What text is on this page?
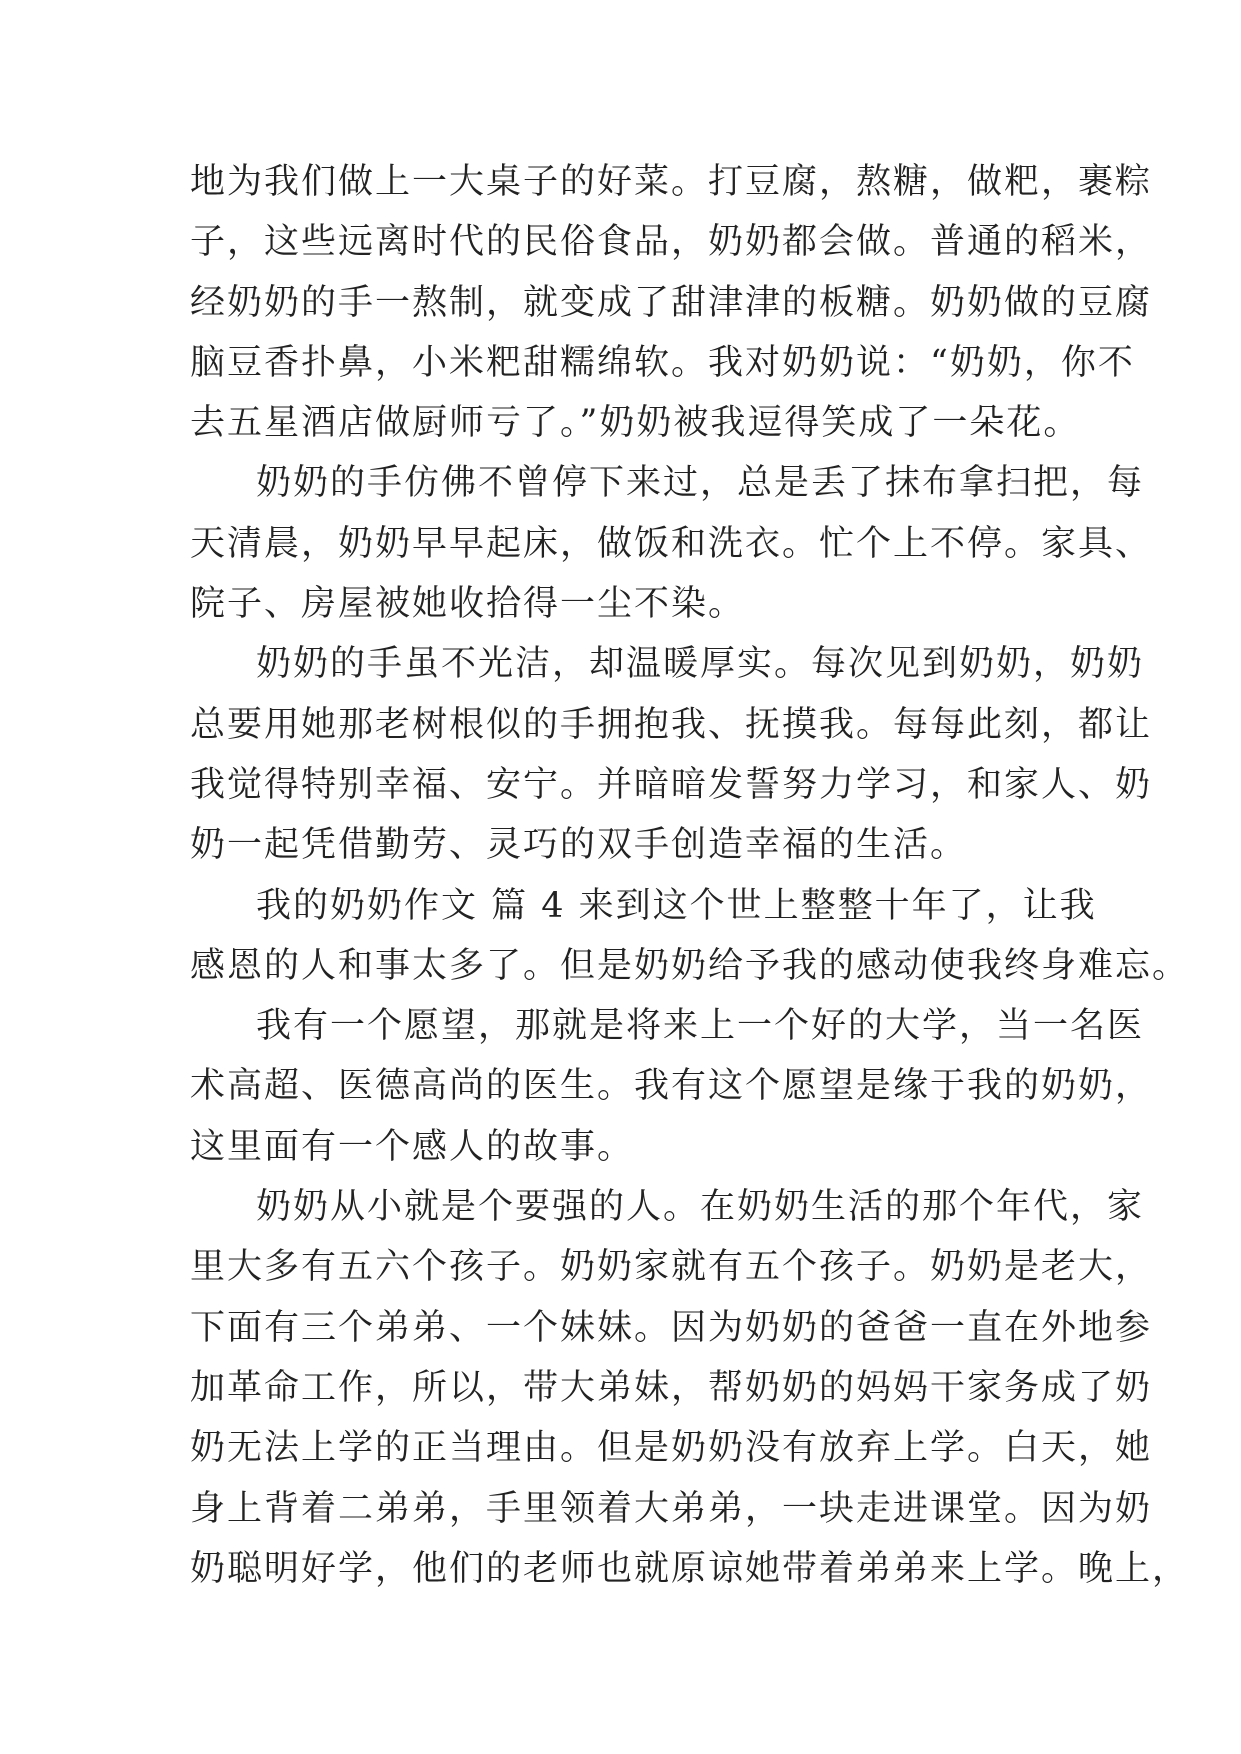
地为我们做上一大桌子的好菜。打豆腐，熬糖，做粑，裹粽
子，这些远离时代的民俗食品，奶奶都会做。普通的稻米，
经奶奶的手一熬制，就变成了甜津津的板糖。奶奶做的豆腐
脑豆香扑鼻，小米粑甜糯绵软。我对奶奶说：“奶奶，你不
去五星酒店做厨师亏了。”奶奶被我逗得笑成了一朵花。
奶奶的手仿佛不曾停下来过，总是丢了抹布拿扫把，每
天清晨，奶奶早早起床，做饭和洗衣。忙个上不停。家具、
院子、房屋被她收拾得一尘不染。
奶奶的手虽不光洁，却温暖厚实。每次见到奶奶，奶奶
总要用她那老树根似的手拥抱我、抚摸我。每每此刻，都让
我觉得特别幸福、安宁。并暗暗发誓努力学习，和家人、奶
奶一起凭借勤劳、灵巧的双手创造幸福的生活。
我的奶奶作文 篇 4 来到这个世上整整十年了，让我
感恩的人和事太多了。但是奶奶给予我的感动使我终身难忘。
我有一个愿望，那就是将来上一个好的大学，当一名医
术高超、医德高尚的医生。我有这个愿望是缘于我的奶奶，
这里面有一个感人的故事。
奶奶从小就是个要强的人。在奶奶生活的那个年代，家
里大多有五六个孩子。奶奶家就有五个孩子。奶奶是老大，
下面有三个弟弟、一个妹妹。因为奶奶的爸爸一直在外地参
加革命工作，所以，带大弟妹，帮奶奶的妈妈干家务成了奶
奶无法上学的正当理由。但是奶奶没有放弃上学。白天，她
身上背着二弟弟，手里领着大弟弟，一块走进课堂。因为奶
奶聪明好学，他们的老师也就原谅她带着弟弟来上学。晚上，
